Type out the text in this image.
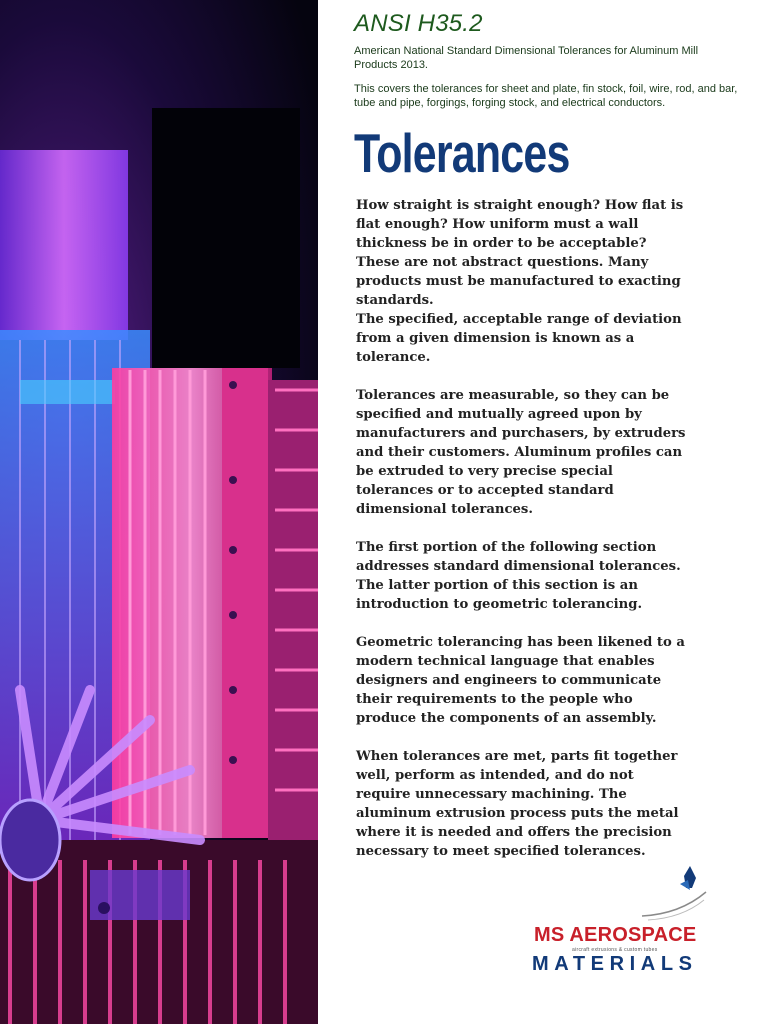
ANSI H35.2
American National Standard Dimensional Tolerances for Aluminum Mill Products 2013.
This covers the tolerances for sheet and plate, fin stock, foil, wire, rod, and bar, tube and pipe, forgings, forging stock, and electrical conductors.
Tolerances

How straight is straight enough? How flat is flat enough? How uniform must a wall thickness be in order to be acceptable? These are not abstract questions. Many products must be manufactured to exacting standards.
The specified, acceptable range of deviation from a given dimension is known as a tolerance.

Tolerances are measurable, so they can be specified and mutually agreed upon by manufacturers and purchasers, by extruders and their customers. Aluminum profiles can be extruded to very precise special tolerances or to accepted standard dimensional tolerances.

The first portion of the following section addresses standard dimensional tolerances. The latter portion of this section is an introduction to geometric tolerancing.

Geometric tolerancing has been likened to a modern technical language that enables designers and engineers to communicate their requirements to the people who produce the components of an assembly.

When tolerances are met, parts fit together well, perform as intended, and do not require unnecessary machining. The aluminum extrusion process puts the metal where it is needed and offers the precision necessary to meet specified tolerances.

MS AEROSPACE
aircraft extrusions & custom tubes
MATERIALS
